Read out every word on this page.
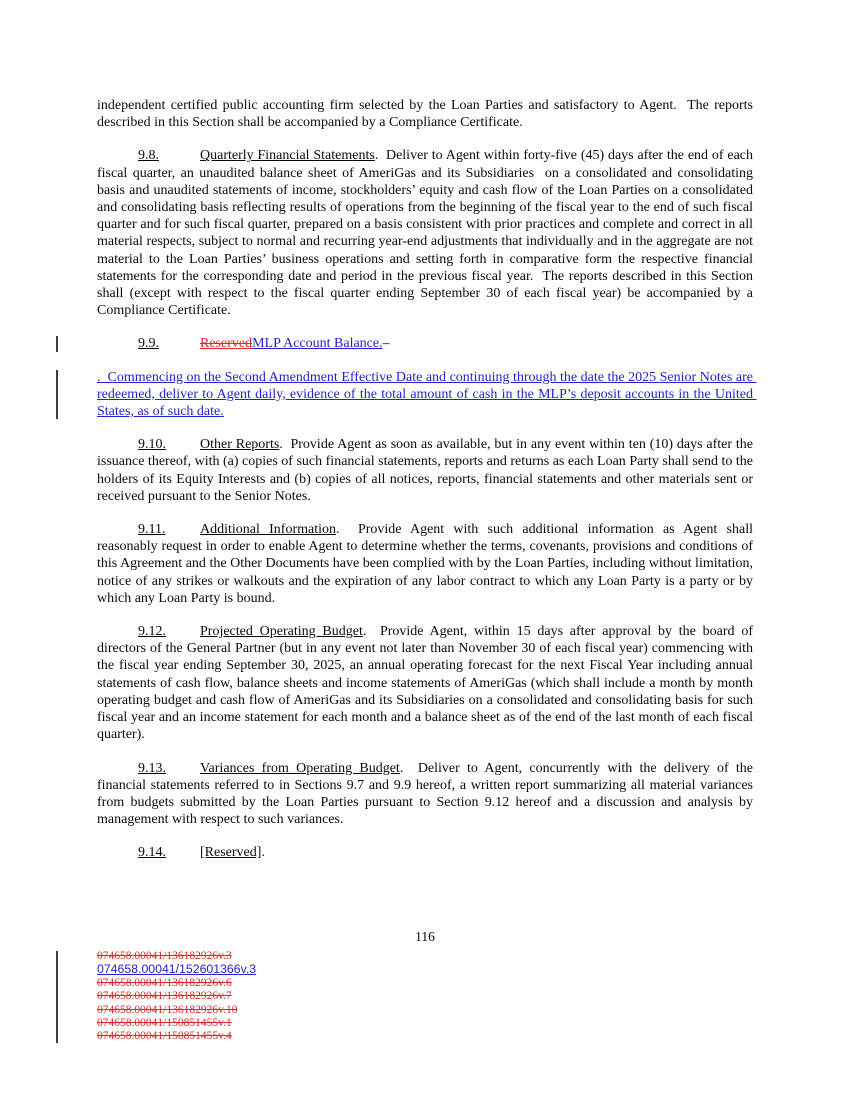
independent certified public accounting firm selected by the Loan Parties and satisfactory to Agent.  The reports described in this Section shall be accompanied by a Compliance Certificate.

9.8.	Quarterly Financial Statements.  Deliver to Agent within forty-five (45) days after the end of each fiscal quarter, an unaudited balance sheet of AmeriGas and its Subsidiaries  on a consolidated and consolidating basis and unaudited statements of income, stockholders’ equity and cash flow of the Loan Parties on a consolidated and consolidating basis reflecting results of operations from the beginning of the fiscal year to the end of such fiscal quarter and for such fiscal quarter, prepared on a basis consistent with prior practices and complete and correct in all material respects, subject to normal and recurring year-end adjustments that individually and in the aggregate are not material to the Loan Parties’ business operations and setting forth in comparative form the respective financial statements for the corresponding date and period in the previous fiscal year.  The reports described in this Section shall (except with respect to the fiscal quarter ending September 30 of each fiscal year) be accompanied by a Compliance Certificate.

9.9.	ReservedMLP Account Balance.–

.  Commencing on the Second Amendment Effective Date and continuing through the date the 2025 Senior Notes are redeemed, deliver to Agent daily, evidence of the total amount of cash in the MLP’s deposit accounts in the United States, as of such date.

9.10. Other Reports.  Provide Agent as soon as available, but in any event within ten (10) days after the issuance thereof, with (a) copies of such financial statements, reports and returns as each Loan Party shall send to the holders of its Equity Interests and (b) copies of all notices, reports, financial statements and other materials sent or received pursuant to the Senior Notes.

9.11. Additional Information.  Provide Agent with such additional information as Agent shall reasonably request in order to enable Agent to determine whether the terms, covenants, provisions and conditions of this Agreement and the Other Documents have been complied with by the Loan Parties, including without limitation, notice of any strikes or walkouts and the expiration of any labor contract to which any Loan Party is a party or by which any Loan Party is bound.

9.12. Projected Operating Budget.  Provide Agent, within 15 days after approval by the board of directors of the General Partner (but in any event not later than November 30 of each fiscal year) commencing with the fiscal year ending September 30, 2025, an annual operating forecast for the next Fiscal Year including annual statements of cash flow, balance sheets and income statements of AmeriGas (which shall include a month by month operating budget and cash flow of AmeriGas and its Subsidiaries on a consolidated and consolidating basis for such fiscal year and an income statement for each month and a balance sheet as of the end of the last month of each fiscal quarter).

9.13. Variances from Operating Budget.  Deliver to Agent, concurrently with the delivery of the financial statements referred to in Sections 9.7 and 9.9 hereof, a written report summarizing all material variances from budgets submitted by the Loan Parties pursuant to Section 9.12 hereof and a discussion and analysis by management with respect to such variances.

9.14. [Reserved].

116
074658.00041/136182926v.3
074658.00041/152601366v.3
074658.00041/136182926v.6
074658.00041/136182926v.7
074658.00041/136182926v.10
074658.00041/150851455v.1
074658.00041/150851455v.4
